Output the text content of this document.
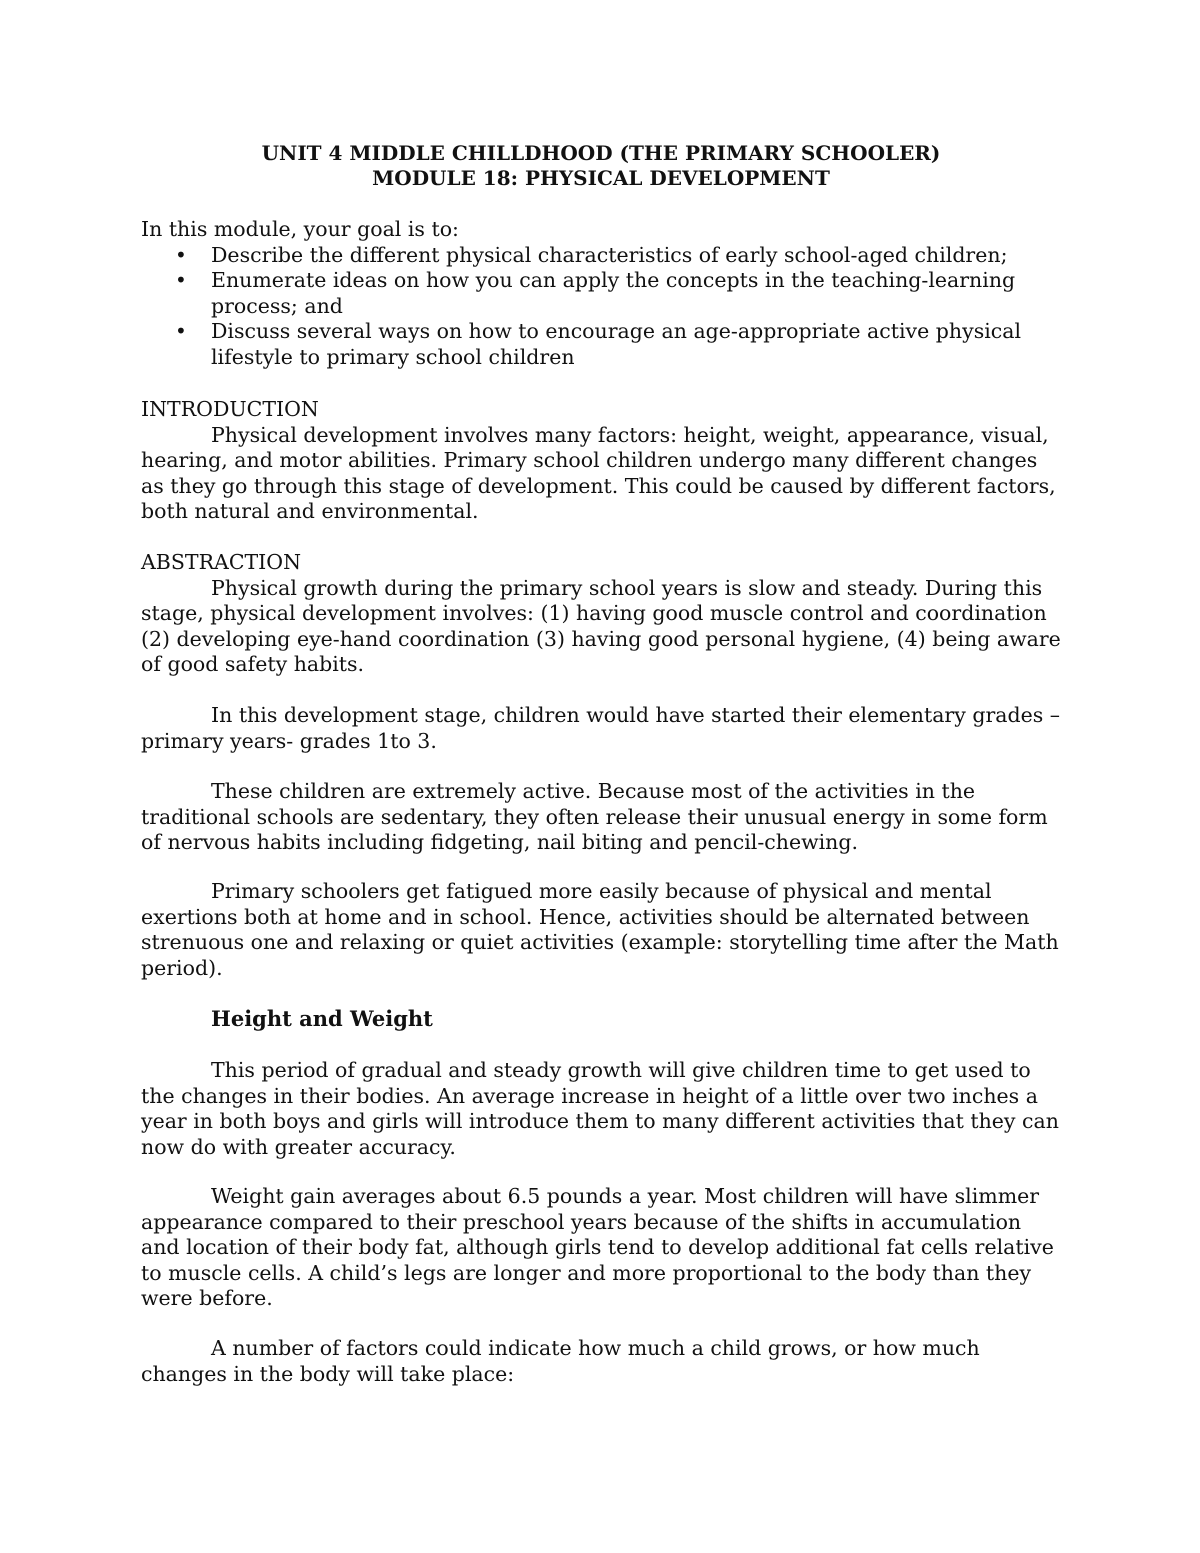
UNIT 4 MIDDLE CHILLDHOOD (THE PRIMARY SCHOOLER)
MODULE 18: PHYSICAL DEVELOPMENT

In this module, your goal is to:

• Describe the different physical characteristics of early school-aged children;
• Enumerate ideas on how you can apply the concepts in the teaching-learning process; and
• Discuss several ways on how to encourage an age-appropriate active physical lifestyle to primary school children

INTRODUCTION

Physical development involves many factors: height, weight, appearance, visual, hearing, and motor abilities. Primary school children undergo many different changes as they go through this stage of development. This could be caused by different factors, both natural and environmental.

ABSTRACTION

Physical growth during the primary school years is slow and steady. During this stage, physical development involves: (1) having good muscle control and coordination (2) developing eye-hand coordination (3) having good personal hygiene, (4) being aware of good safety habits.

In this development stage, children would have started their elementary grades – primary years- grades 1to 3.

These children are extremely active. Because most of the activities in the traditional schools are sedentary, they often release their unusual energy in some form of nervous habits including fidgeting, nail biting and pencil-chewing.

Primary schoolers get fatigued more easily because of physical and mental exertions both at home and in school. Hence, activities should be alternated between strenuous one and relaxing or quiet activities (example: storytelling time after the Math period).

Height and Weight

This period of gradual and steady growth will give children time to get used to the changes in their bodies. An average increase in height of a little over two inches a year in both boys and girls will introduce them to many different activities that they can now do with greater accuracy.

Weight gain averages about 6.5 pounds a year. Most children will have slimmer appearance compared to their preschool years because of the shifts in accumulation and location of their body fat, although girls tend to develop additional fat cells relative to muscle cells. A child’s legs are longer and more proportional to the body than they were before.

A number of factors could indicate how much a child grows, or how much changes in the body will take place:
